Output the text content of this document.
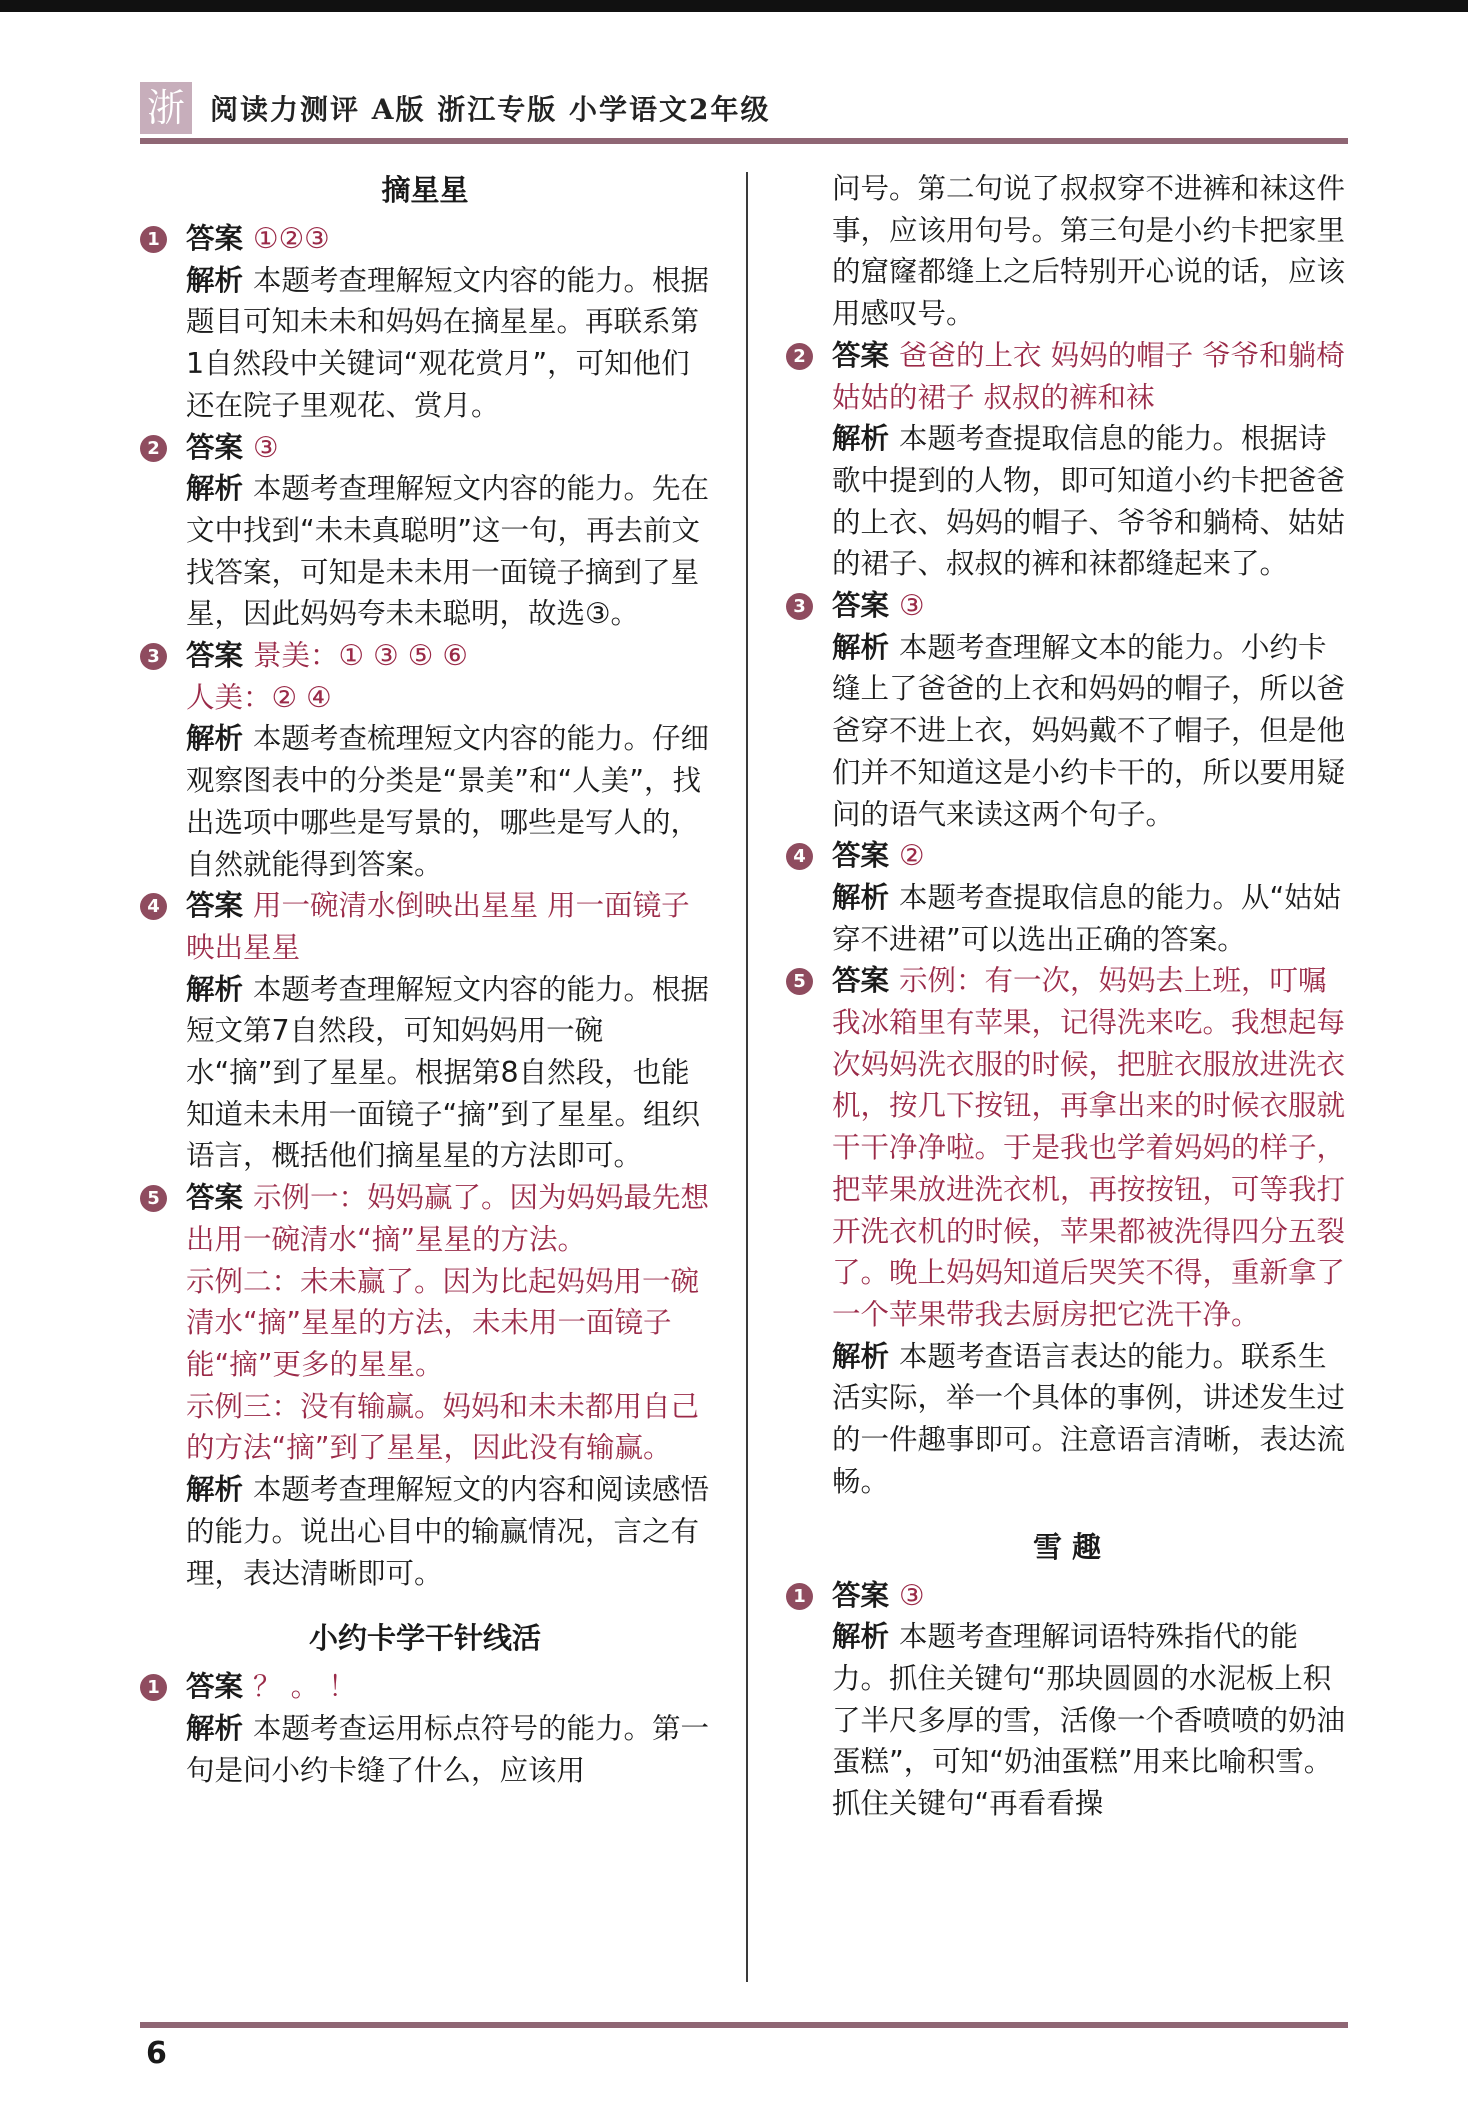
浙 阅读力测评 A版 浙江专版 小学语文2年级
摘星星
1 答案 ①②③

解析 本题考查理解短文内容的能力。根据题目可知未未和妈妈在摘星星。再联系第1自然段中关键词“观花赏月”，可知他们还在院子里观花、赏月。

2 答案 ③

解析 本题考查理解短文内容的能力。先在文中找到“未未真聪明”这一句，再去前文找答案，可知是未未用一面镜子摘到了星星，因此妈妈夸未未聪明，故选③。

3 答案 景美：① ③ ⑤ ⑥

人美：② ④

解析 本题考查梳理短文内容的能力。仔细观察图表中的分类是“景美”和“人美”，找出选项中哪些是写景的，哪些是写人的，自然就能得到答案。

4 答案 用一碗清水倒映出星星 用一面镜子映出星星

解析 本题考查理解短文内容的能力。根据短文第7自然段，可知妈妈用一碗水“摘”到了星星。根据第8自然段，也能知道未未用一面镜子“摘”到了星星。组织语言，概括他们摘星星的方法即可。

5 答案 示例一：妈妈赢了。因为妈妈最先想出用一碗清水“摘”星星的方法。

示例二：未未赢了。因为比起妈妈用一碗清水“摘”星星的方法，未未用一面镜子能“摘”更多的星星。

示例三：没有输赢。妈妈和未未都用自己的方法“摘”到了星星，因此没有输赢。

解析 本题考查理解短文的内容和阅读感悟的能力。说出心目中的输赢情况，言之有理，表达清晰即可。

小约卡学干针线活
1 答案 ？ 。 ！

解析 本题考查运用标点符号的能力。第一句是问小约卡缝了什么，应该用

问号。第二句说了叔叔穿不进裤和袜这件事，应该用句号。第三句是小约卡把家里的窟窿都缝上之后特别开心说的话，应该用感叹号。

2 答案 爸爸的上衣 妈妈的帽子 爷爷和躺椅 姑姑的裙子 叔叔的裤和袜

解析 本题考查提取信息的能力。根据诗歌中提到的人物，即可知道小约卡把爸爸的上衣、妈妈的帽子、爷爷和躺椅、姑姑的裙子、叔叔的裤和袜都缝起来了。

3 答案 ③

解析 本题考查理解文本的能力。小约卡缝上了爸爸的上衣和妈妈的帽子，所以爸爸穿不进上衣，妈妈戴不了帽子，但是他们并不知道这是小约卡干的，所以要用疑问的语气来读这两个句子。

4 答案 ②

解析 本题考查提取信息的能力。从“姑姑穿不进裙”可以选出正确的答案。

5 答案 示例：有一次，妈妈去上班，叮嘱我冰箱里有苹果，记得洗来吃。我想起每次妈妈洗衣服的时候，把脏衣服放进洗衣机，按几下按钮，再拿出来的时候衣服就干干净净啦。于是我也学着妈妈的样子，把苹果放进洗衣机，再按按钮，可等我打开洗衣机的时候，苹果都被洗得四分五裂了。晚上妈妈知道后哭笑不得，重新拿了一个苹果带我去厨房把它洗干净。

解析 本题考查语言表达的能力。联系生活实际，举一个具体的事例，讲述发生过的一件趣事即可。注意语言清晰，表达流畅。

雪 趣
1 答案 ③

解析 本题考查理解词语特殊指代的能力。抓住关键句“那块圆圆的水泥板上积了半尺多厚的雪，活像一个香喷喷的奶油蛋糕”，可知“奶油蛋糕”用来比喻积雪。抓住关键句“再看看操

6
